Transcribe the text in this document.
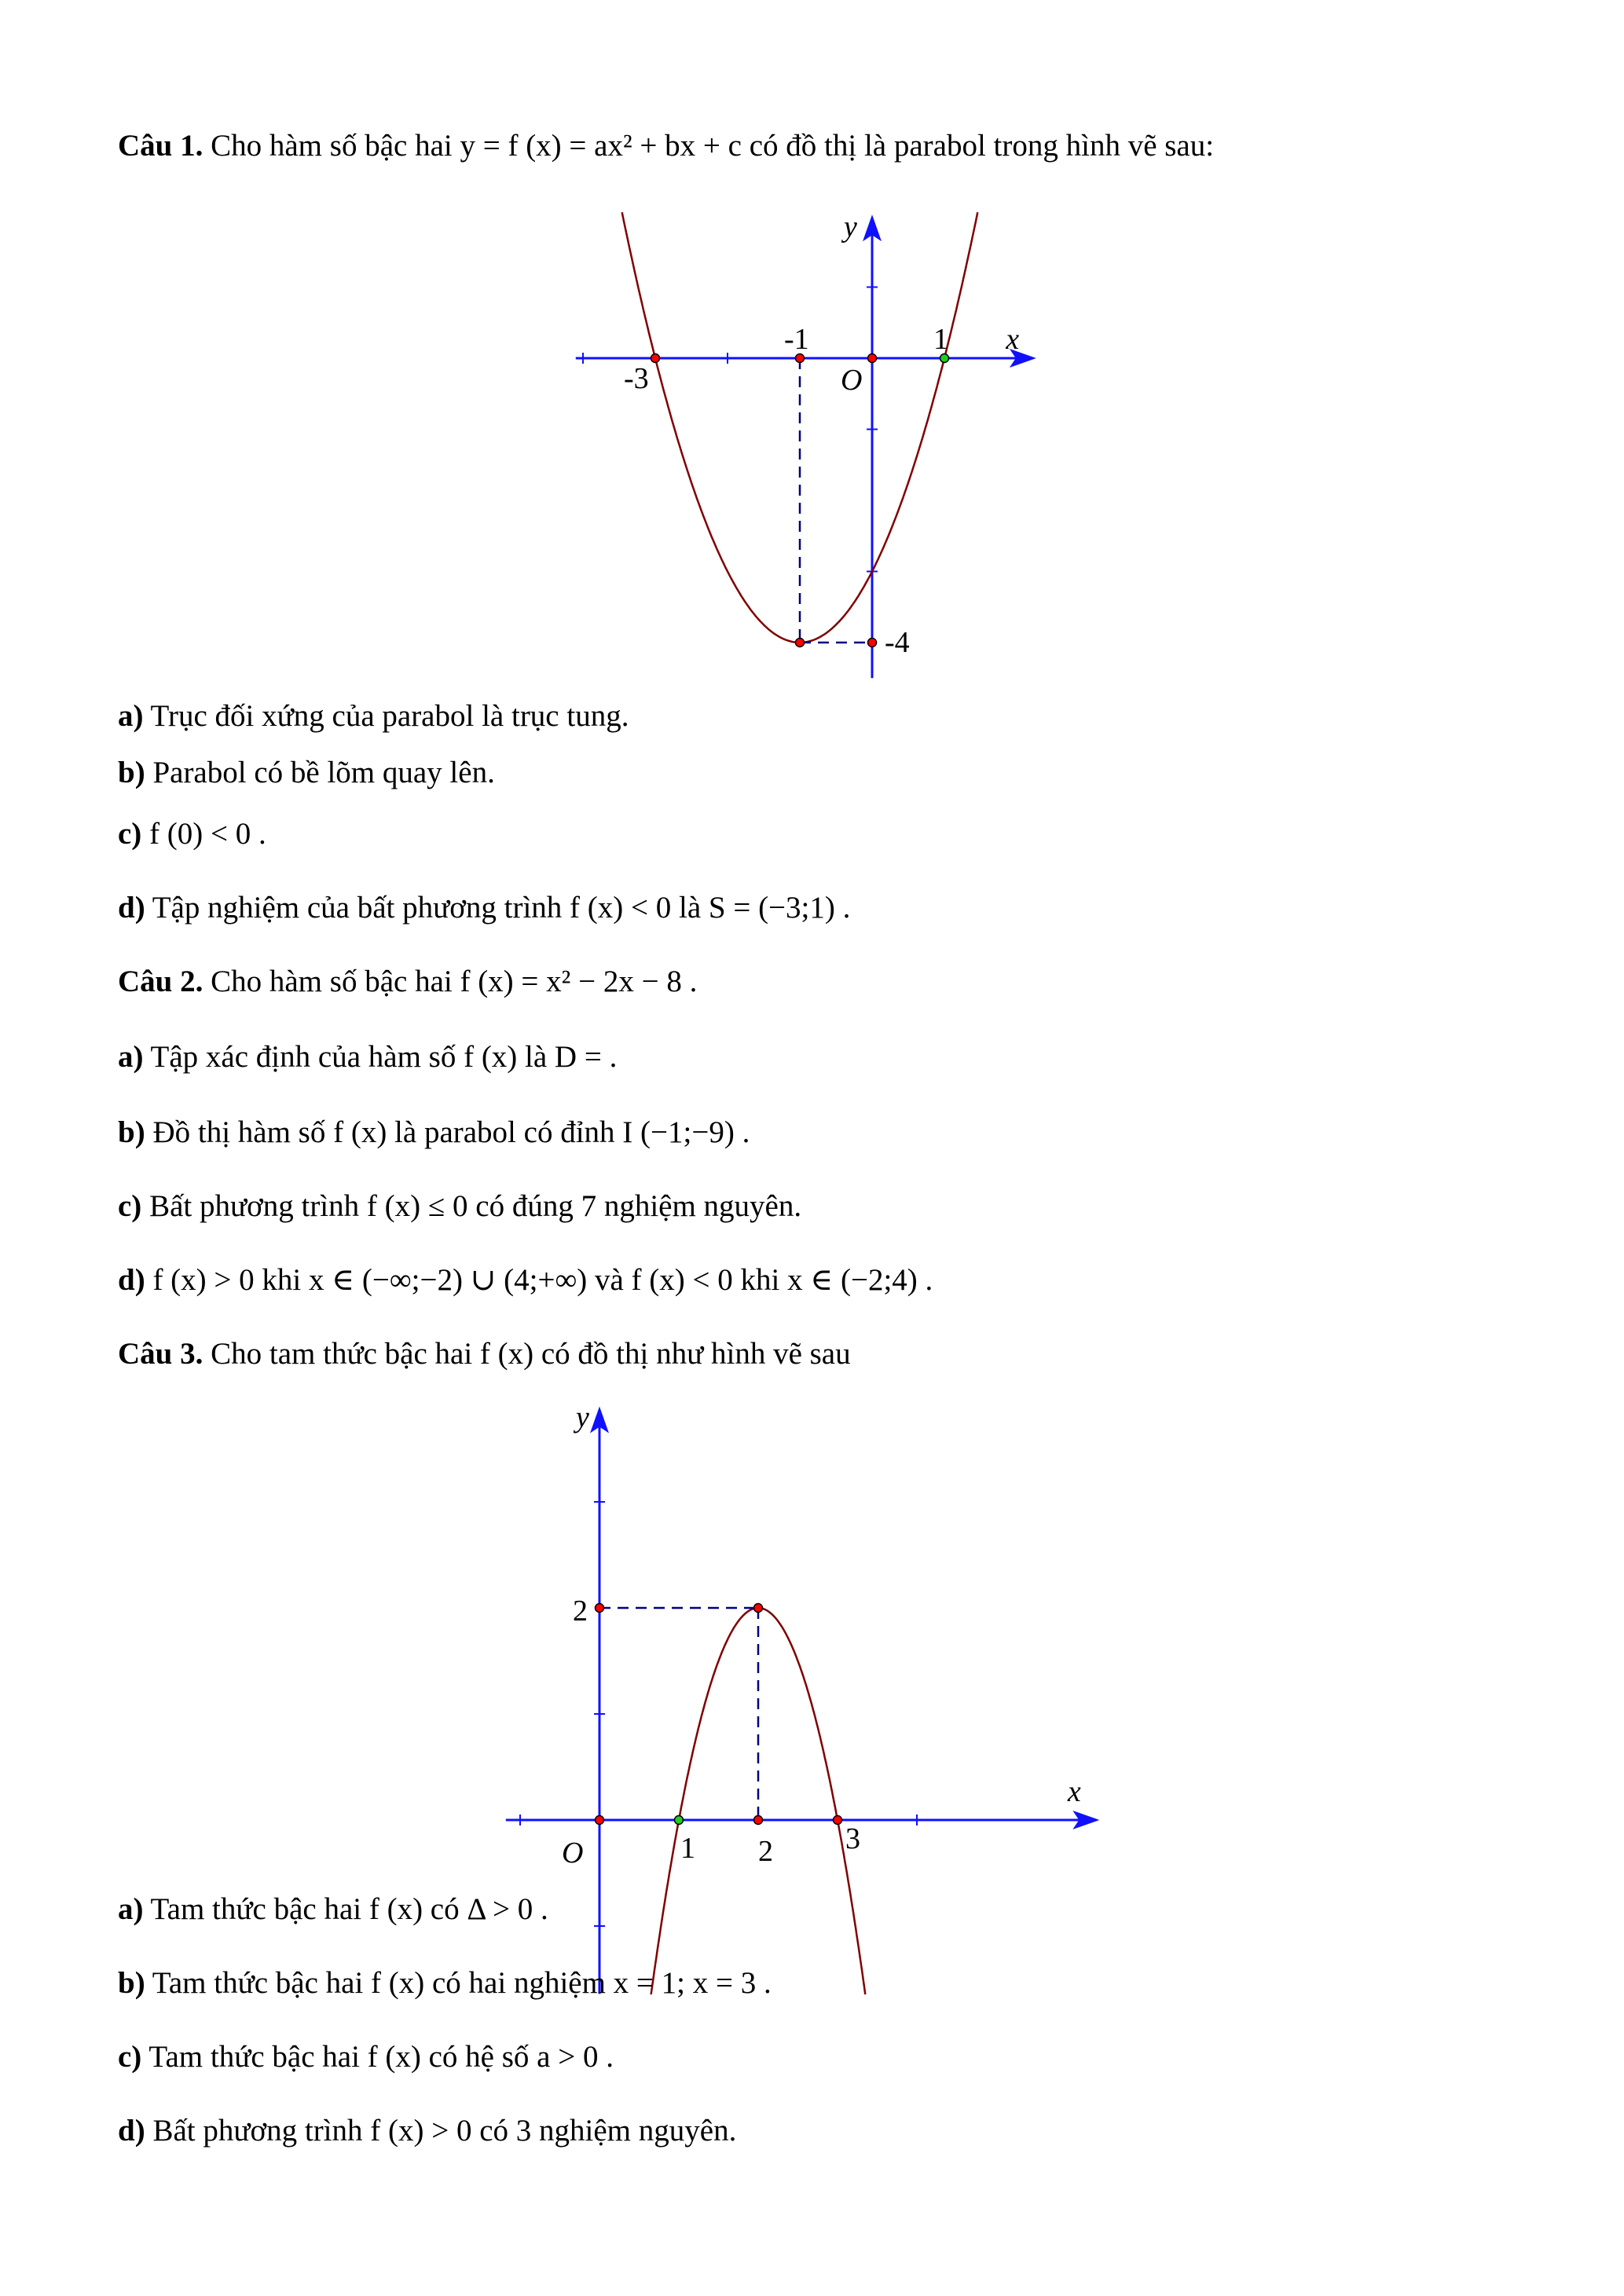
Câu 1. Cho hàm số bậc hai y = f (x) = ax² + bx + c có đồ thị là parabol trong hình vẽ sau:
-3
-1	1
-4
O
x
y
1 2 3
2
O
x
y
a) Trục đối xứng của parabol là trục tung.
b) Parabol có bề lõm quay lên.
c) f (0) < 0 .
d) Tập nghiệm của bất phương trình f (x) < 0 là S = (−3;1) .
Câu 2. Cho hàm số bậc hai f (x) = x² − 2x − 8 .
a) Tập xác định của hàm số f (x) là D = .
b) Đồ thị hàm số f (x) là parabol có đỉnh I (−1;−9) .
c) Bất phương trình f (x) ≤ 0 có đúng 7 nghiệm nguyên.
d) f (x) > 0 khi x ∈ (−∞;−2) ∪ (4;+∞) và f (x) < 0 khi x ∈ (−2;4) .
Câu 3. Cho tam thức bậc hai f (x) có đồ thị như hình vẽ sau
a) Tam thức bậc hai f (x) có Δ > 0 .
b) Tam thức bậc hai f (x) có hai nghiệm x = 1; x = 3 .
c) Tam thức bậc hai f (x) có hệ số a > 0 .
d) Bất phương trình f (x) > 0 có 3 nghiệm nguyên.
